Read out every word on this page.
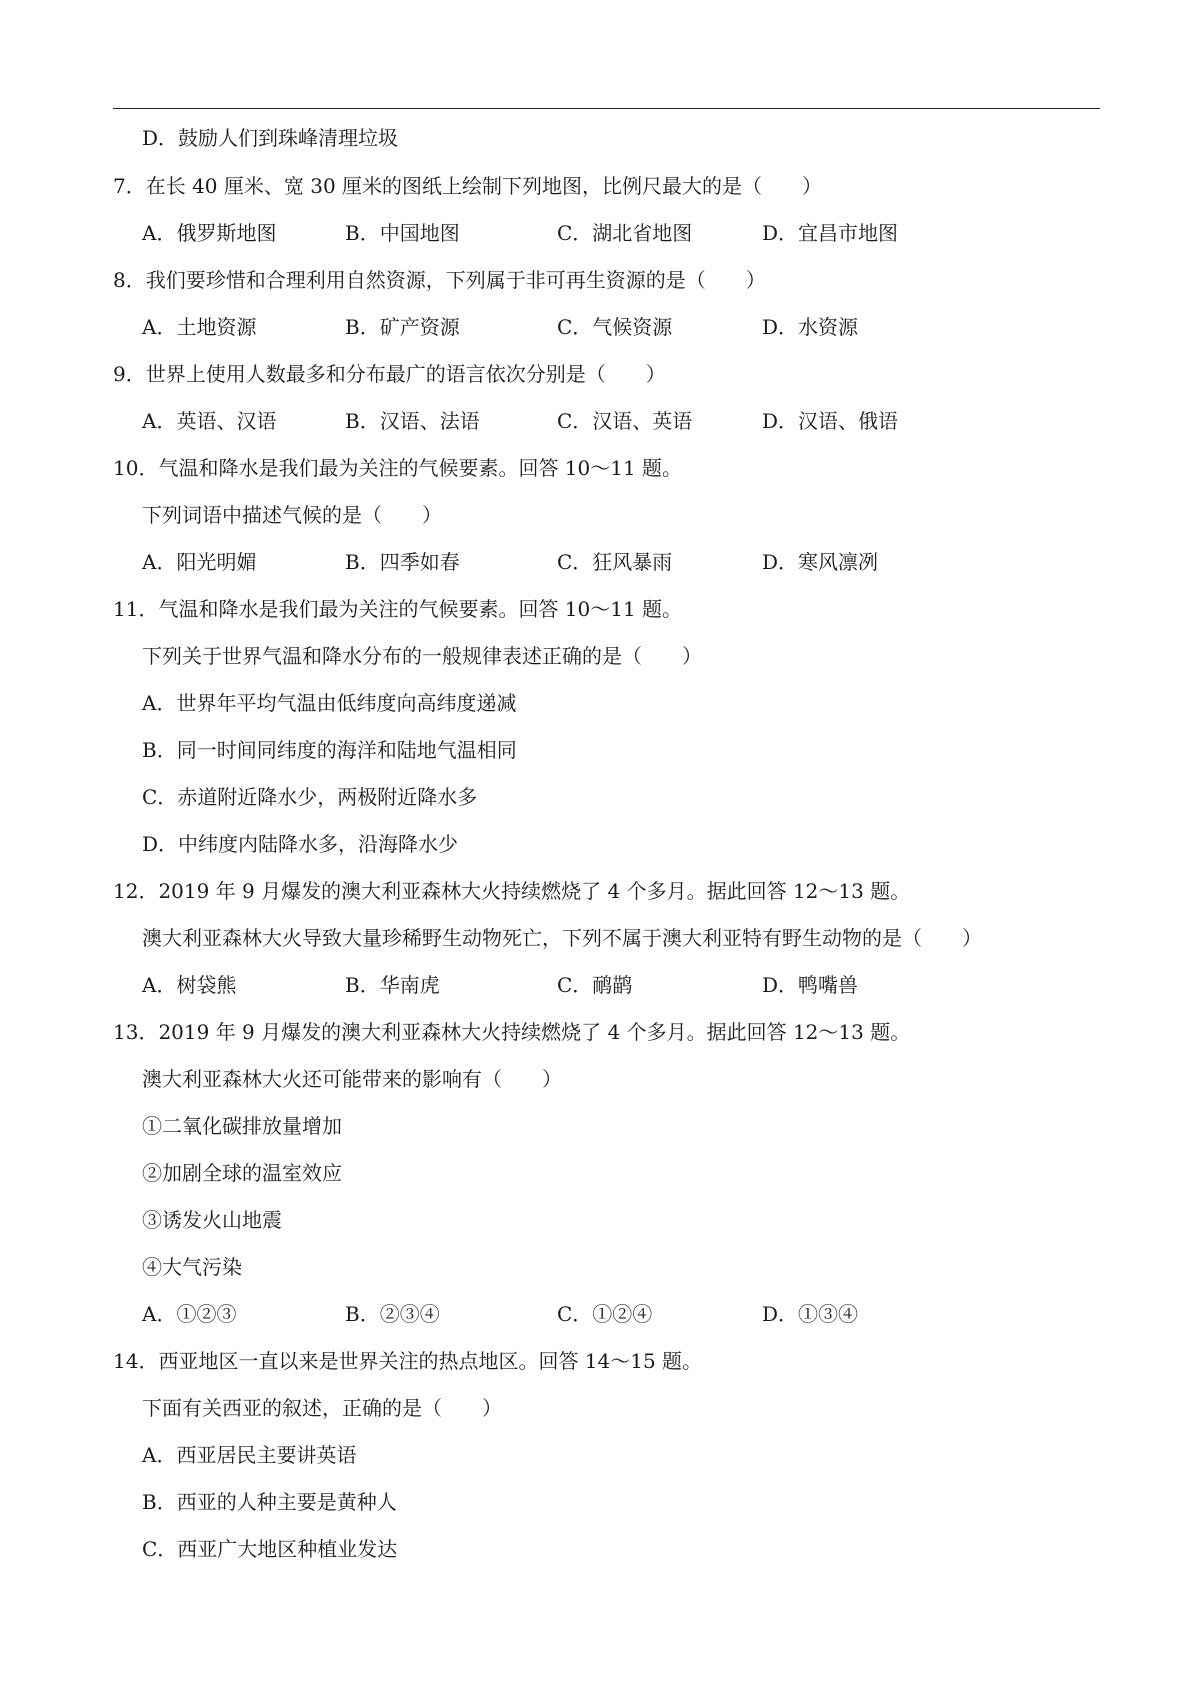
D．鼓励人们到珠峰清理垃圾
7．在长 40 厘米、宽 30 厘米的图纸上绘制下列地图，比例尺最大的是（　　）
A．俄罗斯地图	B．中国地图	C．湖北省地图	D．宜昌市地图
8．我们要珍惜和合理利用自然资源，下列属于非可再生资源的是（　　）
A．土地资源	B．矿产资源	C．气候资源	D．水资源
9．世界上使用人数最多和分布最广的语言依次分别是（　　）
A．英语、汉语	B．汉语、法语	C．汉语、英语	D．汉语、俄语
10．气温和降水是我们最为关注的气候要素。回答 10～11 题。
下列词语中描述气候的是（　　）
A．阳光明媚	B．四季如春	C．狂风暴雨	D．寒风凛冽
11．气温和降水是我们最为关注的气候要素。回答 10～11 题。
下列关于世界气温和降水分布的一般规律表述正确的是（　　）
A．世界年平均气温由低纬度向高纬度递减
B．同一时间同纬度的海洋和陆地气温相同
C．赤道附近降水少，两极附近降水多
D．中纬度内陆降水多，沿海降水少
12．2019 年 9 月爆发的澳大利亚森林大火持续燃烧了 4 个多月。据此回答 12～13 题。
澳大利亚森林大火导致大量珍稀野生动物死亡，下列不属于澳大利亚特有野生动物的是（　　）
A．树袋熊	B．华南虎	C．鸸鹋	D．鸭嘴兽
13．2019 年 9 月爆发的澳大利亚森林大火持续燃烧了 4 个多月。据此回答 12～13 题。
澳大利亚森林大火还可能带来的影响有（　　）
①二氧化碳排放量增加
②加剧全球的温室效应
③诱发火山地震
④大气污染
A．①②③	B．②③④	C．①②④	D．①③④
14．西亚地区一直以来是世界关注的热点地区。回答 14～15 题。
下面有关西亚的叙述，正确的是（　　）
A．西亚居民主要讲英语
B．西亚的人种主要是黄种人
C．西亚广大地区种植业发达
